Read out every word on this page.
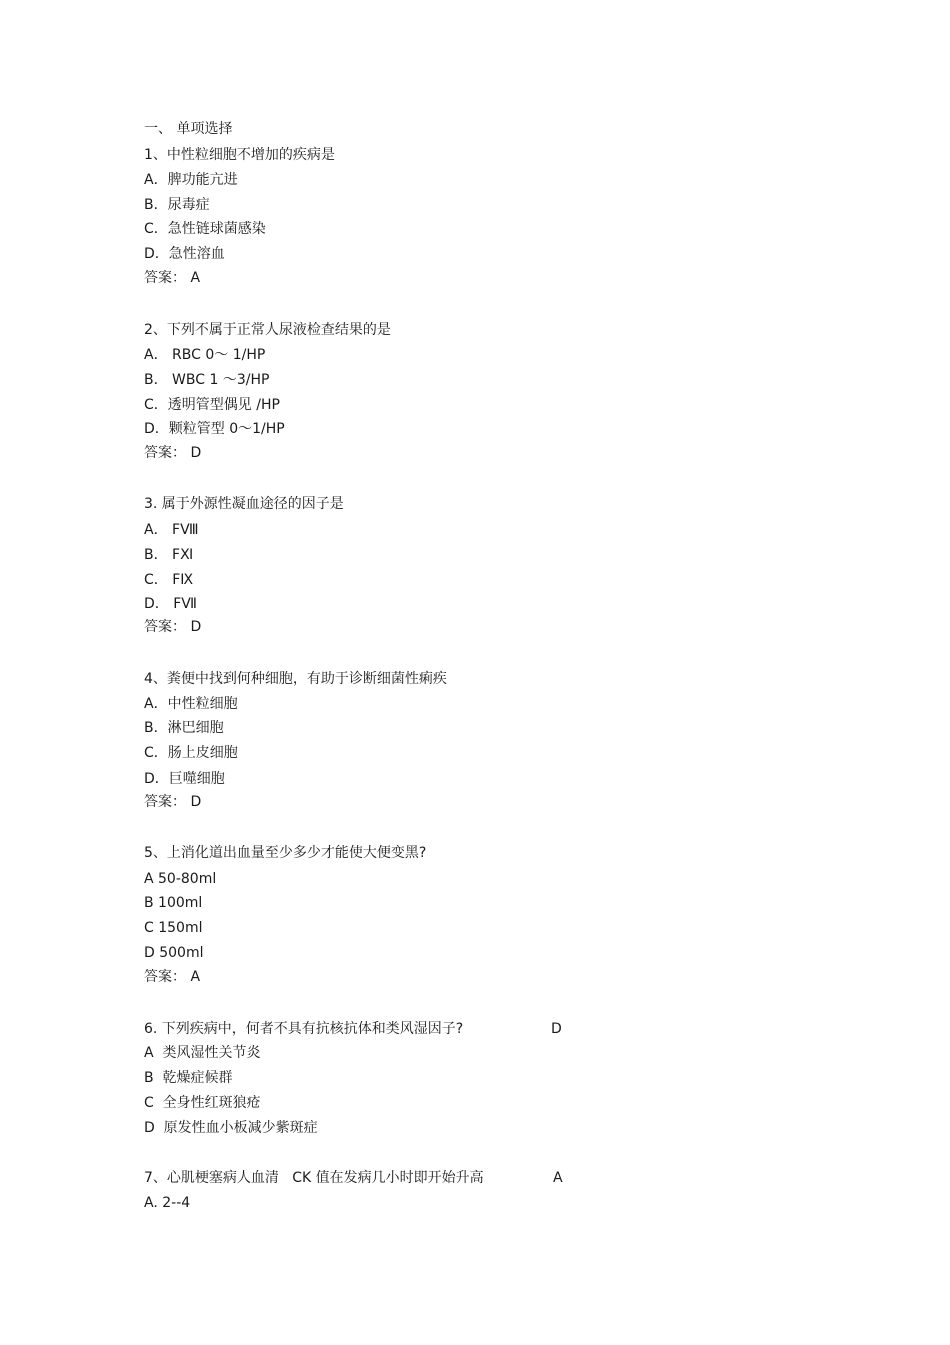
一、 单项选择
1、中性粒细胞不增加的疾病是
A．脾功能亢进
B．尿毒症
C．急性链球菌感染
D．急性溶血
答案： A
2、下列不属于正常人尿液检查结果的是
A． RBC 0～ 1/HP
B． WBC 1 ～3/HP
C．透明管型偶见 /HP
D．颗粒管型 0～1/HP
答案： D
3. 属于外源性凝血途径的因子是
A． FⅧ
B． FⅪ
C． FⅨ
D． FⅦ
答案： D
4、粪便中找到何种细胞，有助于诊断细菌性痢疾
A．中性粒细胞
B．淋巴细胞
C．肠上皮细胞
D．巨噬细胞
答案： D
5、上消化道出血量至少多少才能使大便变黑?
A 50-80ml
B 100ml
C 150ml
D 500ml
答案： A
6. 下列疾病中，何者不具有抗核抗体和类风湿因子?	D
A  类风湿性关节炎
B  乾燥症候群
C  全身性红斑狼疮
D  原发性血小板减少紫斑症
7、心肌梗塞病人血清   CK 值在发病几小时即开始升高	A
A. 2--4
